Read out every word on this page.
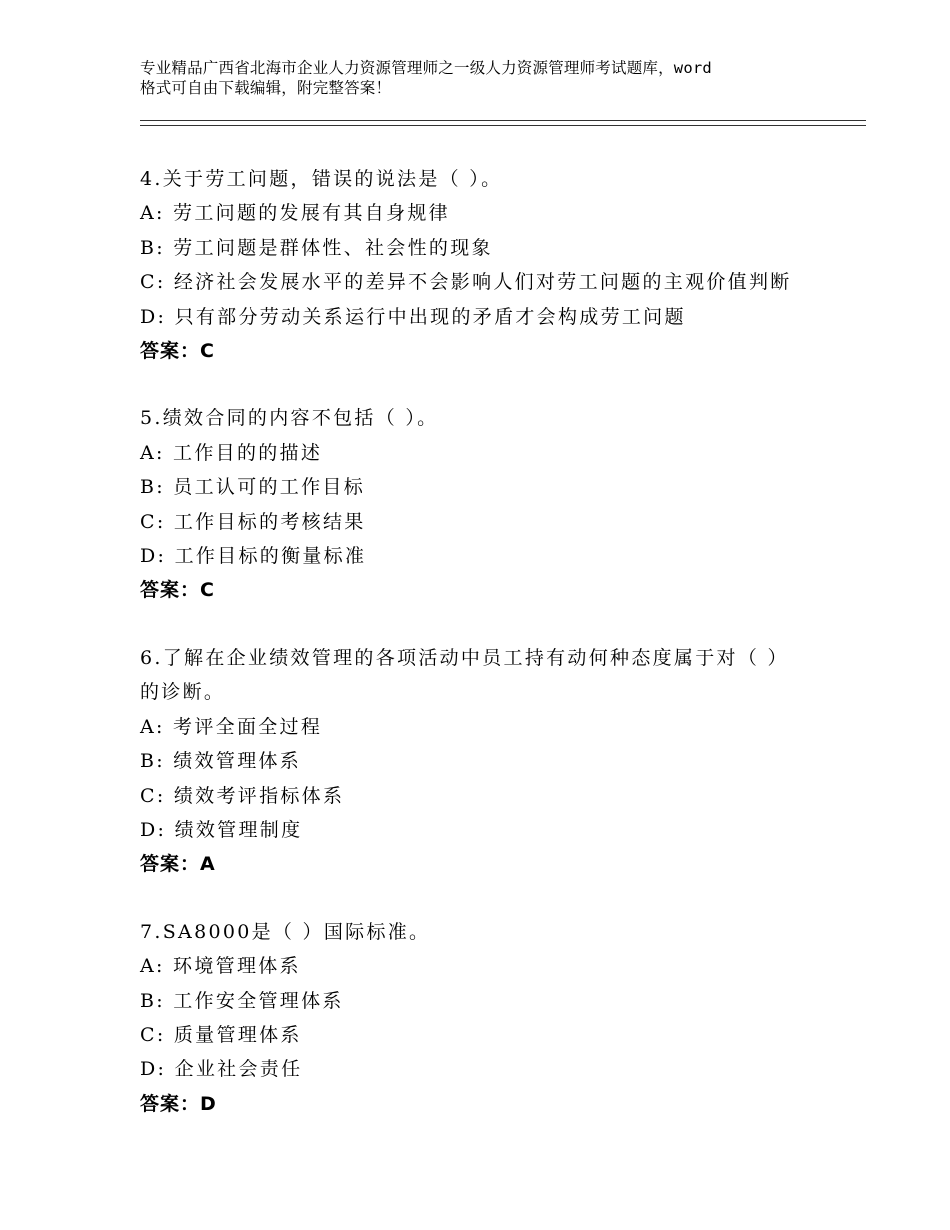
专业精品广西省北海市企业人力资源管理师之一级人力资源管理师考试题库，word
格式可自由下载编辑，附完整答案！
4.关于劳工问题，错误的说法是（ ）。
A: 劳工问题的发展有其自身规律
B: 劳工问题是群体性、社会性的现象
C: 经济社会发展水平的差异不会影响人们对劳工问题的主观价值判断
D: 只有部分劳动关系运行中出现的矛盾才会构成劳工问题
答案：C
5.绩效合同的内容不包括（ ）。
A: 工作目的的描述
B: 员工认可的工作目标
C: 工作目标的考核结果
D: 工作目标的衡量标准
答案：C
6.了解在企业绩效管理的各项活动中员工持有动何种态度属于对（ ）的诊断。
A: 考评全面全过程
B: 绩效管理体系
C: 绩效考评指标体系
D: 绩效管理制度
答案：A
7.SA8000是（ ）国际标准。
A: 环境管理体系
B: 工作安全管理体系
C: 质量管理体系
D: 企业社会责任
答案：D
